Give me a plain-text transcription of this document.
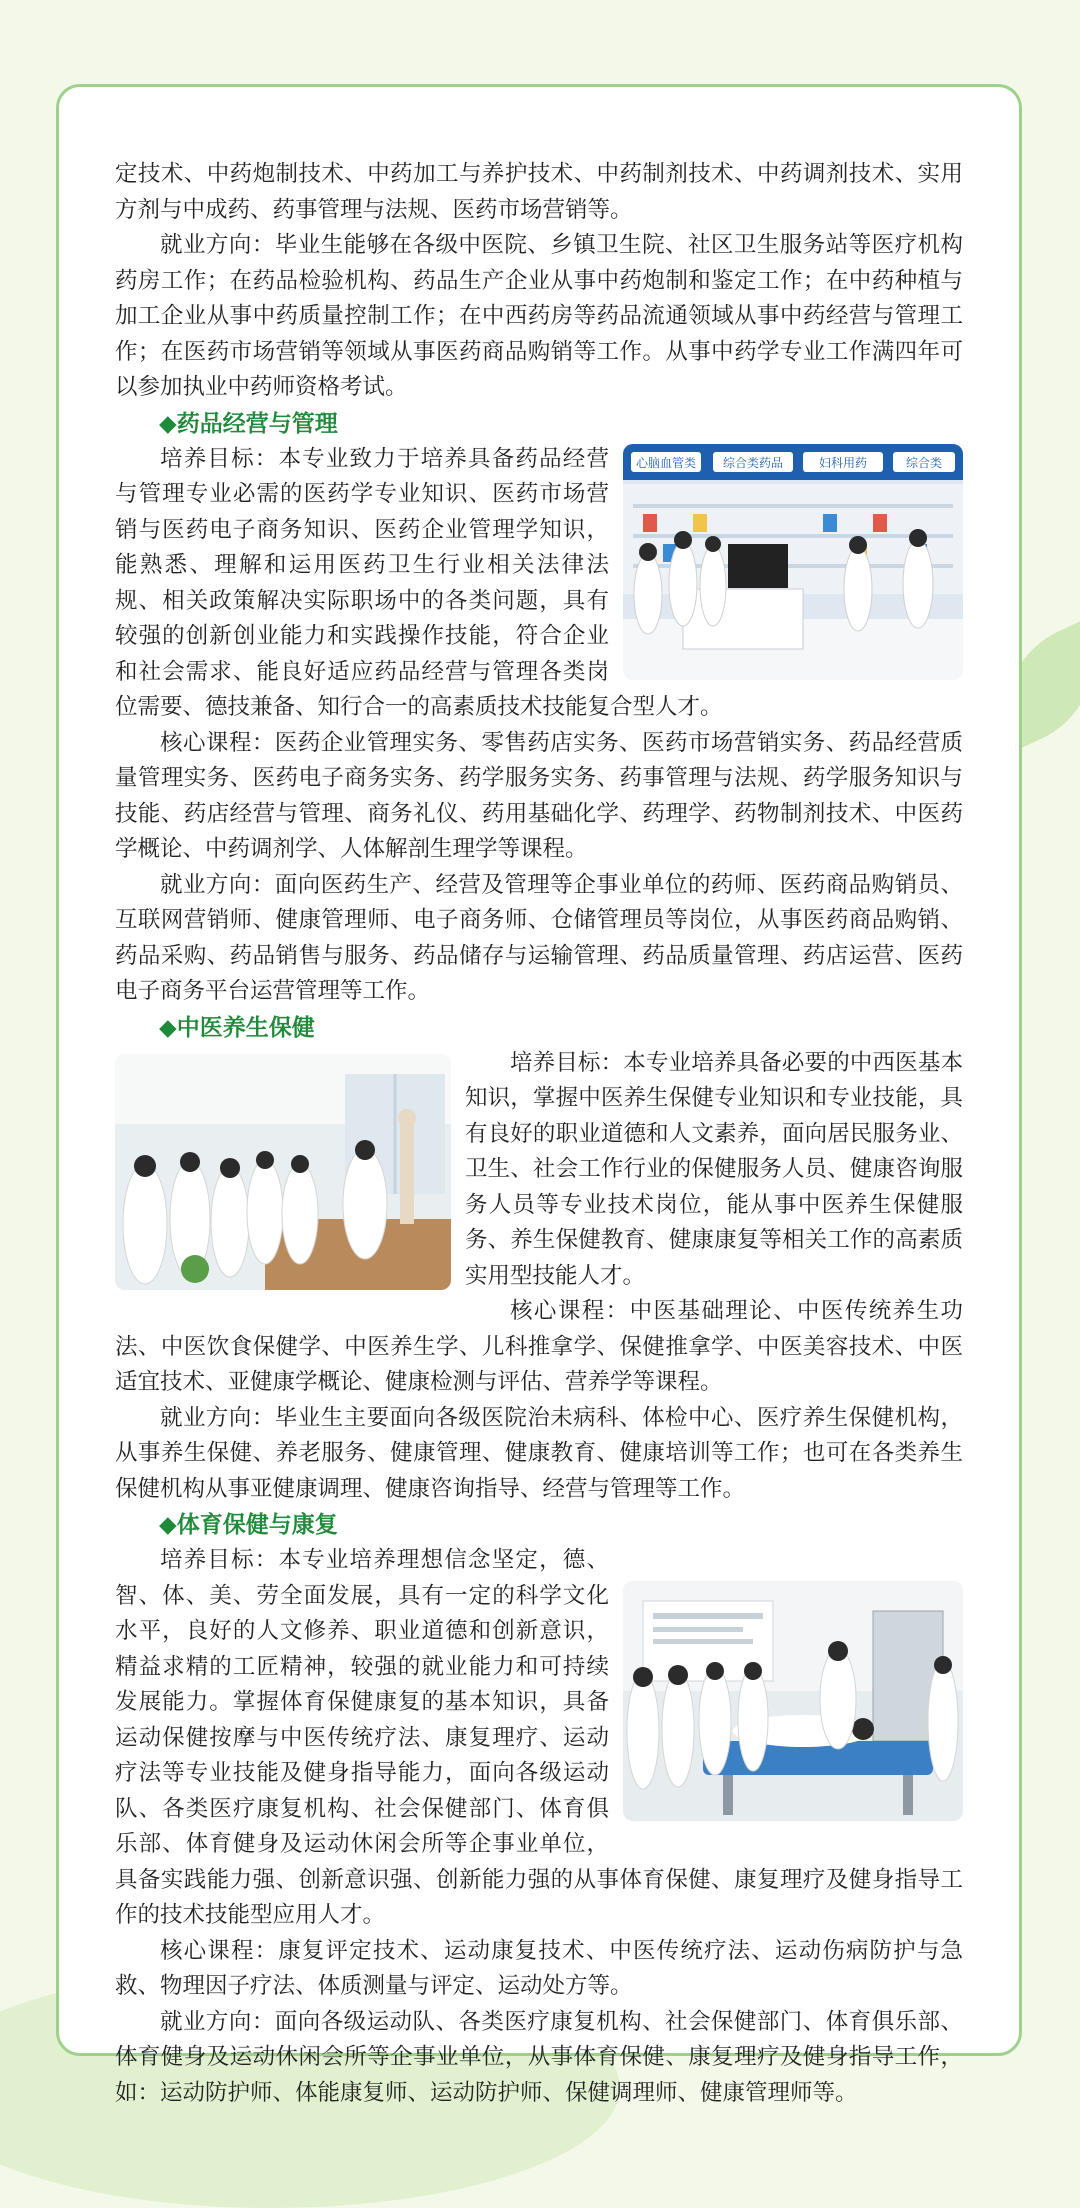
定技术、中药炮制技术、中药加工与养护技术、中药制剂技术、中药调剂技术、实用方剂与中成药、药事管理与法规、医药市场营销等。

就业方向：毕业生能够在各级中医院、乡镇卫生院、社区卫生服务站等医疗机构药房工作；在药品检验机构、药品生产企业从事中药炮制和鉴定工作；在中药种植与加工企业从事中药质量控制工作；在中西药房等药品流通领域从事中药经营与管理工作；在医药市场营销等领域从事医药商品购销等工作。从事中药学专业工作满四年可以参加执业中药师资格考试。

◆药品经营与管理

心脑血管类 综合类药品	妇科用药	综合类

培养目标：本专业致力于培养具备药品经营与管理专业必需的医药学专业知识、医药市场营销与医药电子商务知识、医药企业管理学知识，能熟悉、理解和运用医药卫生行业相关法律法规、相关政策解决实际职场中的各类问题，具有较强的创新创业能力和实践操作技能，符合企业和社会需求、能良好适应药品经营与管理各类岗位需要、德技兼备、知行合一的高素质技术技能复合型人才。

核心课程：医药企业管理实务、零售药店实务、医药市场营销实务、药品经营质量管理实务、医药电子商务实务、药学服务实务、药事管理与法规、药学服务知识与技能、药店经营与管理、商务礼仪、药用基础化学、药理学、药物制剂技术、中医药学概论、中药调剂学、人体解剖生理学等课程。

就业方向：面向医药生产、经营及管理等企事业单位的药师、医药商品购销员、互联网营销师、健康管理师、电子商务师、仓储管理员等岗位，从事医药商品购销、药品采购、药品销售与服务、药品储存与运输管理、药品质量管理、药店运营、医药电子商务平台运营管理等工作。

◆中医养生保健

培养目标：本专业培养具备必要的中西医基本知识，掌握中医养生保健专业知识和专业技能，具有良好的职业道德和人文素养，面向居民服务业、卫生、社会工作行业的保健服务人员、健康咨询服务人员等专业技术岗位，能从事中医养生保健服务、养生保健教育、健康康复等相关工作的高素质实用型技能人才。

核心课程：中医基础理论、中医传统养生功法、中医饮食保健学、中医养生学、儿科推拿学、保健推拿学、中医美容技术、中医适宜技术、亚健康学概论、健康检测与评估、营养学等课程。

就业方向：毕业生主要面向各级医院治未病科、体检中心、医疗养生保健机构，从事养生保健、养老服务、健康管理、健康教育、健康培训等工作；也可在各类养生保健机构从事亚健康调理、健康咨询指导、经营与管理等工作。

◆体育保健与康复

培养目标：本专业培养理想信念坚定，德、智、体、美、劳全面发展，具有一定的科学文化水平，良好的人文修养、职业道德和创新意识，精益求精的工匠精神，较强的就业能力和可持续发展能力。掌握体育保健康复的基本知识，具备运动保健按摩与中医传统疗法、康复理疗、运动疗法等专业技能及健身指导能力，面向各级运动队、各类医疗康复机构、社会保健部门、体育俱乐部、体育健身及运动休闲会所等企事业单位，具备实践能力强、创新意识强、创新能力强的从事体育保健、康复理疗及健身指导工作的技术技能型应用人才。

核心课程：康复评定技术、运动康复技术、中医传统疗法、运动伤病防护与急救、物理因子疗法、体质测量与评定、运动处方等。

就业方向：面向各级运动队、各类医疗康复机构、社会保健部门、体育俱乐部、体育健身及运动休闲会所等企事业单位，从事体育保健、康复理疗及健身指导工作，如：运动防护师、体能康复师、运动防护师、保健调理师、健康管理师等。
